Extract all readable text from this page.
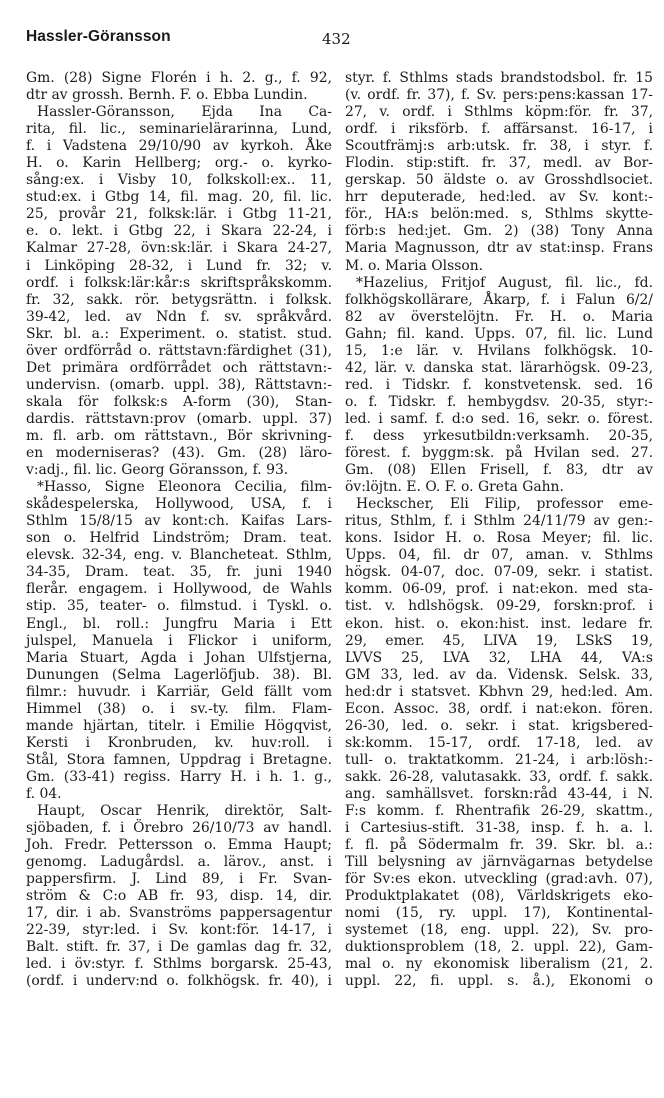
Hassler-Göransson	432
Gm. (28) Signe Florén i h. 2. g., f. 92,
dtr av grossh. Bernh. F. o. Ebba Lundin.
Hassler-Göransson, Ejda Ina Ca-
rita, fil. lic., seminarielärarinna, Lund,
f. i Vadstena 29/10/90 av kyrkoh. Åke
H. o. Karin Hellberg; org.- o. kyrko-
sång:ex. i Visby 10, folkskoll:ex.. 11,
stud:ex. i Gtbg 14, fil. mag. 20, fil. lic.
25, provår 21, folksk:lär. i Gtbg 11-21,
e. o. lekt. i Gtbg 22, i Skara 22-24, i
Kalmar 27-28, övn:sk:lär. i Skara 24-27,
i Linköping 28-32, i Lund fr. 32; v.
ordf. i folksk:lär:kår:s skriftspråkskomm.
fr. 32, sakk. rör. betygsrättn. i folksk.
39-42, led. av Ndn f. sv. språkvård.
Skr. bl. a.: Experiment. o. statist. stud.
över ordförråd o. rättstavn:färdighet (31),
Det primära ordförrådet och rättstavn:-
undervisn. (omarb. uppl. 38), Rättstavn:-
skala för folksk:s A-form (30), Stan-
dardis. rättstavn:prov (omarb. uppl. 37)
m. fl. arb. om rättstavn., Bör skrivning-
en moderniseras? (43). Gm. (28) läro-
v:adj., fil. lic. Georg Göransson, f. 93.
*Hasso, Signe Eleonora Cecilia, film-
skådespelerska, Hollywood, USA, f. i
Sthlm 15/8/15 av kont:ch. Kaifas Lars-
son o. Helfrid Lindström; Dram. teat.
elevsk. 32-34, eng. v. Blancheteat. Sthlm,
34-35, Dram. teat. 35, fr. juni 1940
flerår. engagem. i Hollywood, de Wahls
stip. 35, teater- o. filmstud. i Tyskl. o.
Engl., bl. roll.: Jungfru Maria i Ett
julspel, Manuela i Flickor i uniform,
Maria Stuart, Agda i Johan Ulfstjerna,
Dunungen (Selma Lagerlöfjub. 38). Bl.
filmr.: huvudr. i Karriär, Geld fällt vom
Himmel (38) o. i sv.-ty. film. Flam-
mande hjärtan, titelr. i Emilie Högqvist,
Kersti i Kronbruden, kv. huv:roll. i
Stål, Stora famnen, Uppdrag i Bretagne.
Gm. (33-41) regiss. Harry H. i h. 1. g.,
f. 04.
Haupt, Oscar Henrik, direktör, Salt-
sjöbaden, f. i Örebro 26/10/73 av handl.
Joh. Fredr. Pettersson o. Emma Haupt;
genomg. Ladugårdsl. a. lärov., anst. i
pappersfirm. J. Lind 89, i Fr. Svan-
ström & C:o AB fr. 93, disp. 14, dir.
17, dir. i ab. Svanströms pappersagentur
22-39, styr:led. i Sv. kont:för. 14-17, i
Balt. stift. fr. 37, i De gamlas dag fr. 32,
led. i öv:styr. f. Sthlms borgarsk. 25-43,
(ordf. i underv:nd o. folkhögsk. fr. 40), i
styr. f. Sthlms stads brandstodsbol. fr. 15
(v. ordf. fr. 37), f. Sv. pers:pens:kassan 17-
27, v. ordf. i Sthlms köpm:för. fr. 37,
ordf. i riksförb. f. affärsanst. 16-17, i
Scoutfrämj:s arb:utsk. fr. 38, i styr. f.
Flodin. stip:stift. fr. 37, medl. av Bor-
gerskap. 50 äldste o. av Grosshdlsociet.
hrr deputerade, hed:led. av Sv. kont:-
för., HA:s belön:med. s, Sthlms skytte-
förb:s hed:jet. Gm. 2) (38) Tony Anna
Maria Magnusson, dtr av stat:insp. Frans
M. o. Maria Olsson.
*Hazelius, Fritjof August, fil. lic., fd.
folkhögskollärare, Åkarp, f. i Falun 6/2/
82 av överstelöjtn. Fr. H. o. Maria
Gahn; fil. kand. Upps. 07, fil. lic. Lund
15, 1:e lär. v. Hvilans folkhögsk. 10-
42, lär. v. danska stat. lärarhögsk. 09-23,
red. i Tidskr. f. konstvetensk. sed. 16
o. f. Tidskr. f. hembygdsv. 20-35, styr:-
led. i samf. f. d:o sed. 16, sekr. o. förest.
f. dess yrkesutbildn:verksamh. 20-35,
förest. f. byggm:sk. på Hvilan sed. 27.
Gm. (08) Ellen Frisell, f. 83, dtr av
öv:löjtn. E. O. F. o. Greta Gahn.
Heckscher, Eli Filip, professor eme-
ritus, Sthlm, f. i Sthlm 24/11/79 av gen:-
kons. Isidor H. o. Rosa Meyer; fil. lic.
Upps. 04, fil. dr 07, aman. v. Sthlms
högsk. 04-07, doc. 07-09, sekr. i statist.
komm. 06-09, prof. i nat:ekon. med sta-
tist. v. hdlshögsk. 09-29, forskn:prof. i
ekon. hist. o. ekon:hist. inst. ledare fr.
29, emer. 45, LIVA 19, LSkS 19,
LVVS 25, LVA 32, LHA 44, VA:s
GM 33, led. av da. Vidensk. Selsk. 33,
hed:dr i statsvet. Kbhvn 29, hed:led. Am.
Econ. Assoc. 38, ordf. i nat:ekon. fören.
26-30, led. o. sekr. i stat. krigsbered-
sk:komm. 15-17, ordf. 17-18, led. av
tull- o. traktatkomm. 21-24, i arb:lösh:-
sakk. 26-28, valutasakk. 33, ordf. f. sakk.
ang. samhällsvet. forskn:råd 43-44, i N.
F:s komm. f. Rhentrafik 26-29, skattm.,
i Cartesius-stift. 31-38, insp. f. h. a. l.
f. fl. på Södermalm fr. 39. Skr. bl. a.:
Till belysning av järnvägarnas betydelse
för Sv:es ekon. utveckling (grad:avh. 07),
Produktplakatet (08), Världskrigets eko-
nomi (15, ry. uppl. 17), Kontinental-
systemet (18, eng. uppl. 22), Sv. pro-
duktionsproblem (18, 2. uppl. 22), Gam-
mal o. ny ekonomisk liberalism (21, 2.
uppl. 22, fi. uppl. s. å.), Ekonomi o
